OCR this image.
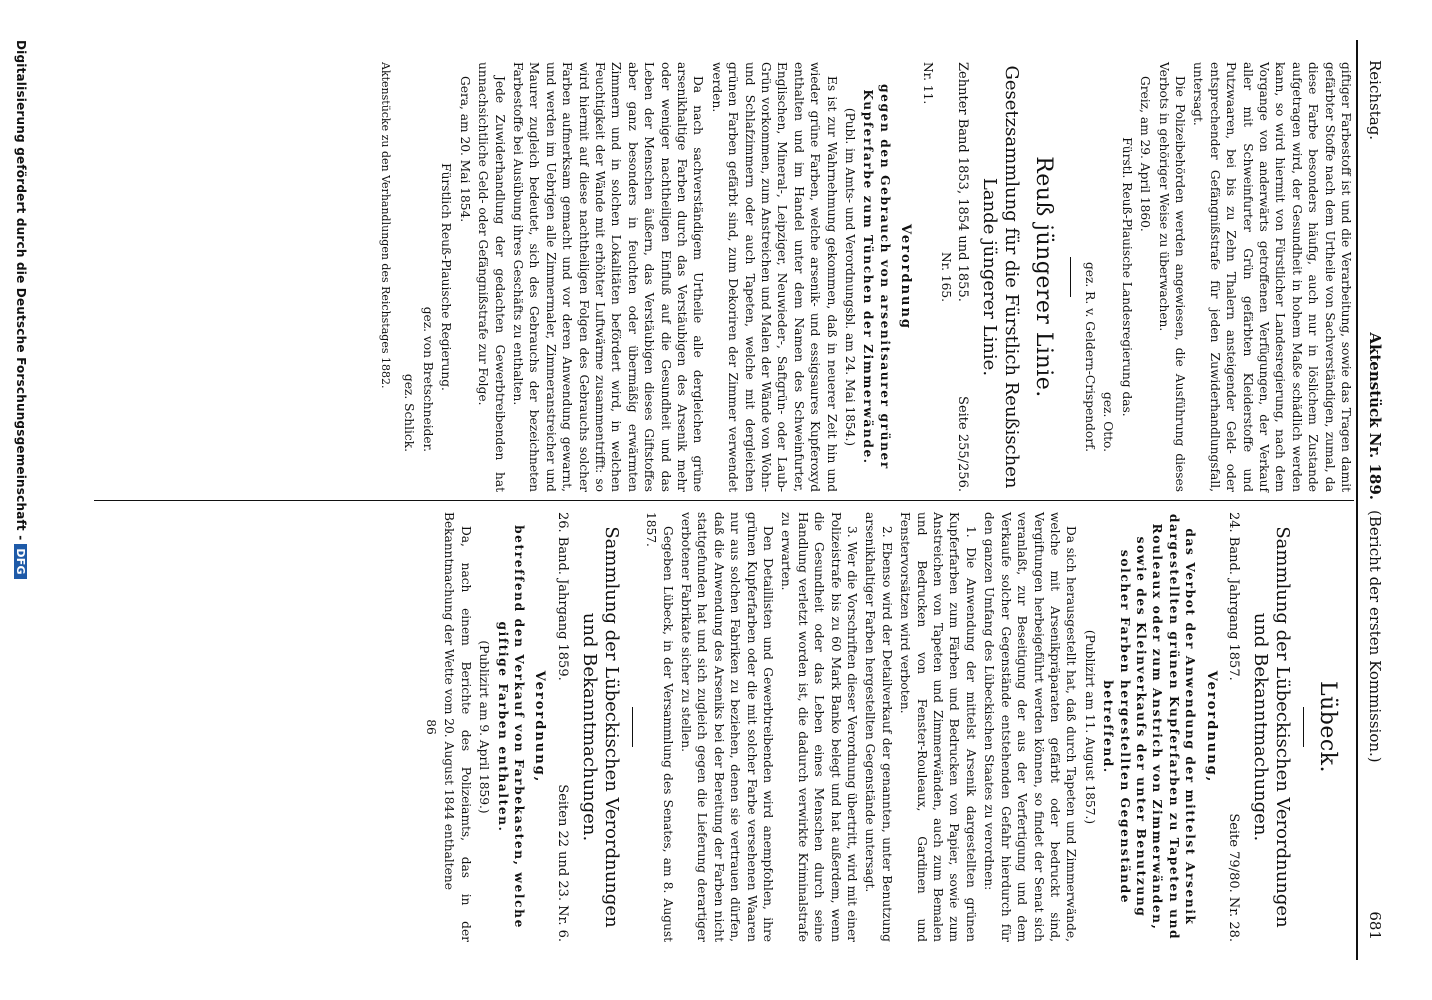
Reichstag.
Aktenstück Nr. 189.
(Bericht der ersten Kommission.)
681

giftiger Farbestoff ist und die Verarbeitung, sowie das Tragen damit gefärbter Stoffe nach dem Urtheile von Sachverständigen, zumal, da diese Farbe besonders häufig, auch nur in löslichem Zustande aufgetragen wird, der Gesundheit in hohem Maße schädlich werden kann, so wird hiermit von Fürstlicher Landesregierung, nach dem Vorgange von anderwärts getroffenen Verfügungen, der Verkauf aller mit Schweinfurter Grün gefärbten Kleiderstoffe und Putzwaaren, bei bis zu Zehn Thalern ansteigender Geld- oder entsprechender Gefängnißstrafe für jeden Zuwiderhandlungsfall, untersagt.

Die Polizeibehörden werden angewiesen, die Ausführung dieses Verbots in gehöriger Weise zu überwachen.

Greiz, am 29. April 1860.

Fürstl. Reuß-Plauische Landesregierung das.

gez. Otto.

gez. R. v. Geldern-Crispendorf.

Reuß jüngerer Linie.
Gesetzsammlung für die Fürstlich Reußischen Lande jüngerer Linie.
Zehnter Band 1853, 1854 und 1855.
Seite 255/256.

Nr. 165.

Nr. 11.

Verordnung

gegen den Gebrauch von arsenitsaurer grüner Kupferfarbe zum Tünchen der Zimmerwände.

(Publ. im Amts- und Verordnungsbl. am 24. Mai 1854.)

Es ist zur Wahrnehmung gekommen, daß in neuerer Zeit hin und wieder grüne Farben, welche arsenik- und essigsaures Kupferoxyd enthalten und im Handel unter dem Namen des Schweinfurter, Englischen, Mineral-, Leipziger, Neuwieder-, Saftgrün- oder Laub-Grün vorkommen, zum Anstreichen und Malen der Wände von Wohn- und Schlafzimmern oder auch Tapeten, welche mit dergleichen grünen Farben gefärbt sind, zum Dekoriren der Zimmer verwendet werden.

Da nach sachverständigem Urtheile alle dergleichen grüne arsenikhaltige Farben durch das Verstäubigen des Arsenik mehr oder weniger nachtheiligen Einfluß auf die Gesundheit und das Leben der Menschen äußern, das Verstäubigen dieses Giftstoffes aber ganz besonders in feuchten oder übermäßig erwärmten Zimmern und in solchen Lokalitäten befördert wird, in welchen Feuchtigkeit der Wände mit erhöhter Luftwärme zusammentrifft: so wird hiermit auf diese nachtheiligen Folgen des Gebrauchs solcher Farben aufmerksam gemacht und vor deren Anwendung gewarnt, und werden im Uebrigen alle Zimmermaler, Zimmeranstreicher und Maurer zugleich bedeutet, sich des Gebrauchs der bezeichneten Farbestoffe bei Ausübung ihres Geschäfts zu enthalten.

Jede Zuwiderhandlung der gedachten Gewerbtreibenden hat unnachsichtliche Geld- oder Gefängnißstrafe zur Folge.

Gera, am 20. Mai 1854.

Fürstlich Reuß-Plauische Regierung.

gez. von Bretschneider.

gez. Schlick.

Aktenstücke zu den Verhandlungen des Reichstages 1882.

Lübeck.
Sammlung der Lübeckischen Verordnungen und Bekanntmachungen.
24. Band. Jahrgang 1857.
Seite 79/80. Nr. 28.
Verordnung,

das Verbot der Anwendung der mittelst Arsenik dargestellten grünen Kupferfarben zu Tapeten und Rouleaux oder zum Anstrich von Zimmerwänden, sowie des Kleinverkaufs der unter Benutzung solcher Farben hergestellten Gegenstände betreffend.

(Publizirt am 11. August 1857.)

Da sich herausgestellt hat, daß durch Tapeten und Zimmerwände, welche mit Arsenikpräparaten gefärbt oder bedruckt sind, Vergiftungen herbeigeführt werden können, so findet der Senat sich veranlaßt, zur Beseitigung der aus der Verfertigung und dem Verkaufe solcher Gegenstände entstehenden Gefahr hierdurch für den ganzen Umfang des Lübeckischen Staates zu verordnen:

1. Die Anwendung der mittelst Arsenik dargestellten grünen Kupferfarben zum Färben und Bedrucken von Papier, sowie zum Anstreichen von Tapeten und Zimmerwänden, auch zum Bemalen und Bedrucken von Fenster-Rouleaux, Gardinen und Fenstervorsätzen wird verboten.

2. Ebenso wird der Detailverkauf der genannten, unter Benutzung arsenikhaltiger Farben hergestellten Gegenstände untersagt.

3. Wer die Vorschriften dieser Verordnung übertritt, wird mit einer Polizeistrafe bis zu 60 Mark Banko belegt und hat außerdem, wenn die Gesundheit oder das Leben eines Menschen durch seine Handlung verletzt worden ist, die dadurch verwirkte Kriminalstrafe zu erwarten.

Den Detaillisten und Gewerbtreibenden wird anempfohlen, ihre grünen Kupferfarben oder die mit solcher Farbe versehenen Waaren nur aus solchen Fabriken zu beziehen, denen sie vertrauen dürfen, daß die Anwendung des Arseniks bei der Bereitung der Farben nicht stattgefunden hat und sich zugleich gegen die Lieferung derartiger verbotener Fabrikate sicher zu stellen.

Gegeben Lübeck, in der Versammlung des Senates, am 8. August 1857.

Sammlung der Lübeckischen Verordnungen und Bekanntmachungen.
26. Band. Jahrgang 1859.
Seiten 22 und 23. Nr. 6.
Verordnung,

betreffend den Verkauf von Farbekasten, welche giftige Farben enthalten.

(Publizirt am 9. April 1859.)

Da, nach einem Berichte des Polizeiamts, das in der Bekanntmachung der Wette vom 20. August 1844 enthaltene

86

Digitalisierung gefördert durch die Deutsche Forschungsgemeinschaft -DFG
